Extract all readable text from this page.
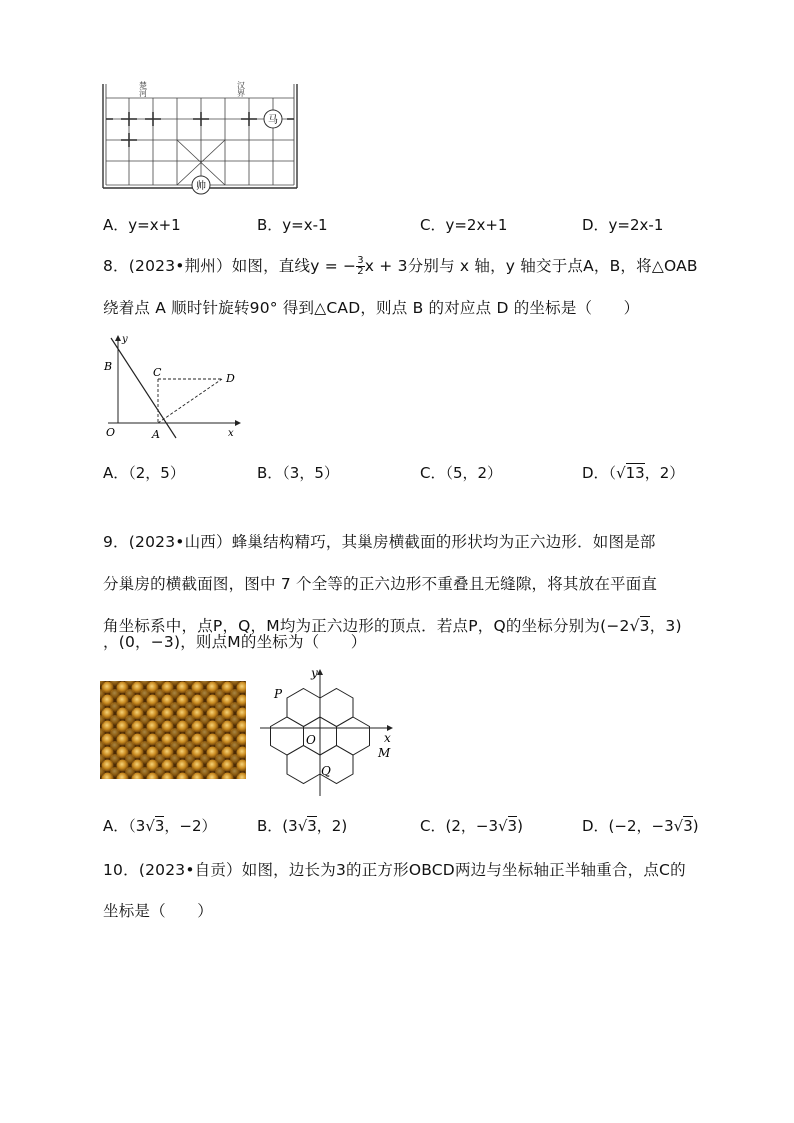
楚河	汉界
马
帅
A．y=x+1	B．y=x-1	C．y=2x+1	D．y=2x-1
8．(2023•荆州）如图，直线y = − $\frac{3}{2}$ x + 3分别与 x 轴，y 轴交于点A，B，将△OAB
绕着点 A 顺时针旋转90° 得到△CAD，则点 B 的对应点 D 的坐标是（　　）
y
x
B	C	D
O	A
A．（2，5）	B．（3，5）	C．（5，2）	D．（√13，2）
9．(2023•山西）蜂巢结构精巧，其巢房横截面的形状均为正六边形．如图是部
分巢房的横截面图，图中 7 个全等的正六边形不重叠且无缝隙，将其放在平面直
角坐标系中，点P，Q，M均为正六边形的顶点．若点P，Q的坐标分别为(−2√3，3)
，(0，−3)，则点M的坐标为（　　）
y
x
P
O
M
Q
A．（3√3，−2）	B．(3√3，2)	C．(2，−3√3)	D．(−2，−3√3)
10．(2023•自贡）如图，边长为3的正方形OBCD两边与坐标轴正半轴重合，点C的
坐标是（　　）
